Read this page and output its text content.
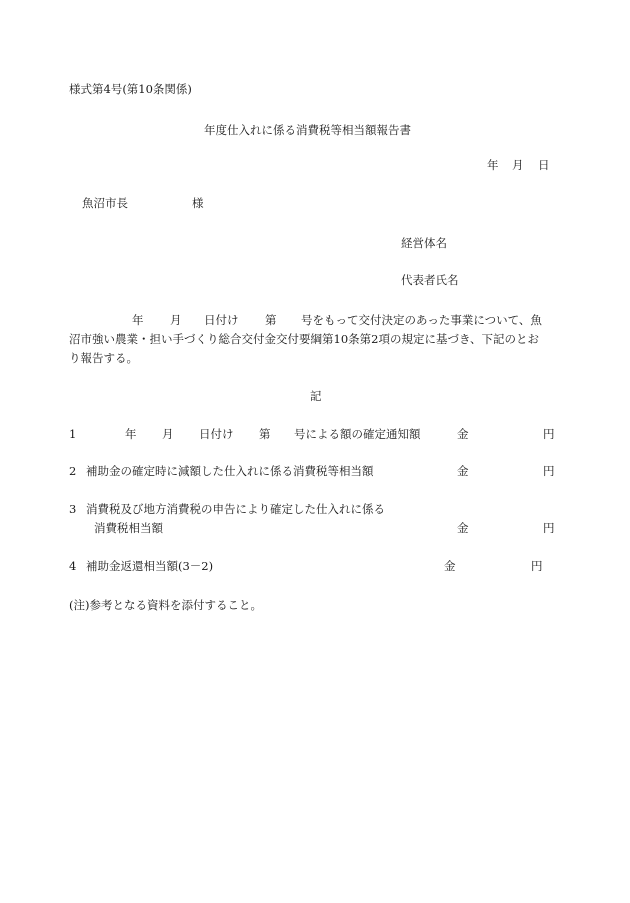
様式第4号(第10条関係)
年度仕入れに係る消費税等相当額報告書
年 月 日
魚沼市長	様
経営体名
代表者氏名
年 月 日付け 第 号をもって交付決定のあった事業について、魚
沼市強い農業・担い手づくり総合交付金交付要綱第10条第2項の規定に基づき、下記のとお
り報告する。
記
1	年 月 日付け 第 号による額の確定通知額	金	円
2 補助金の確定時に減額した仕入れに係る消費税等相当額	金	円
3 消費税及び地方消費税の申告により確定した仕入れに係る
消費税相当額	金	円
4 補助金返還相当額(3－2)	金	円
(注)参考となる資料を添付すること。
